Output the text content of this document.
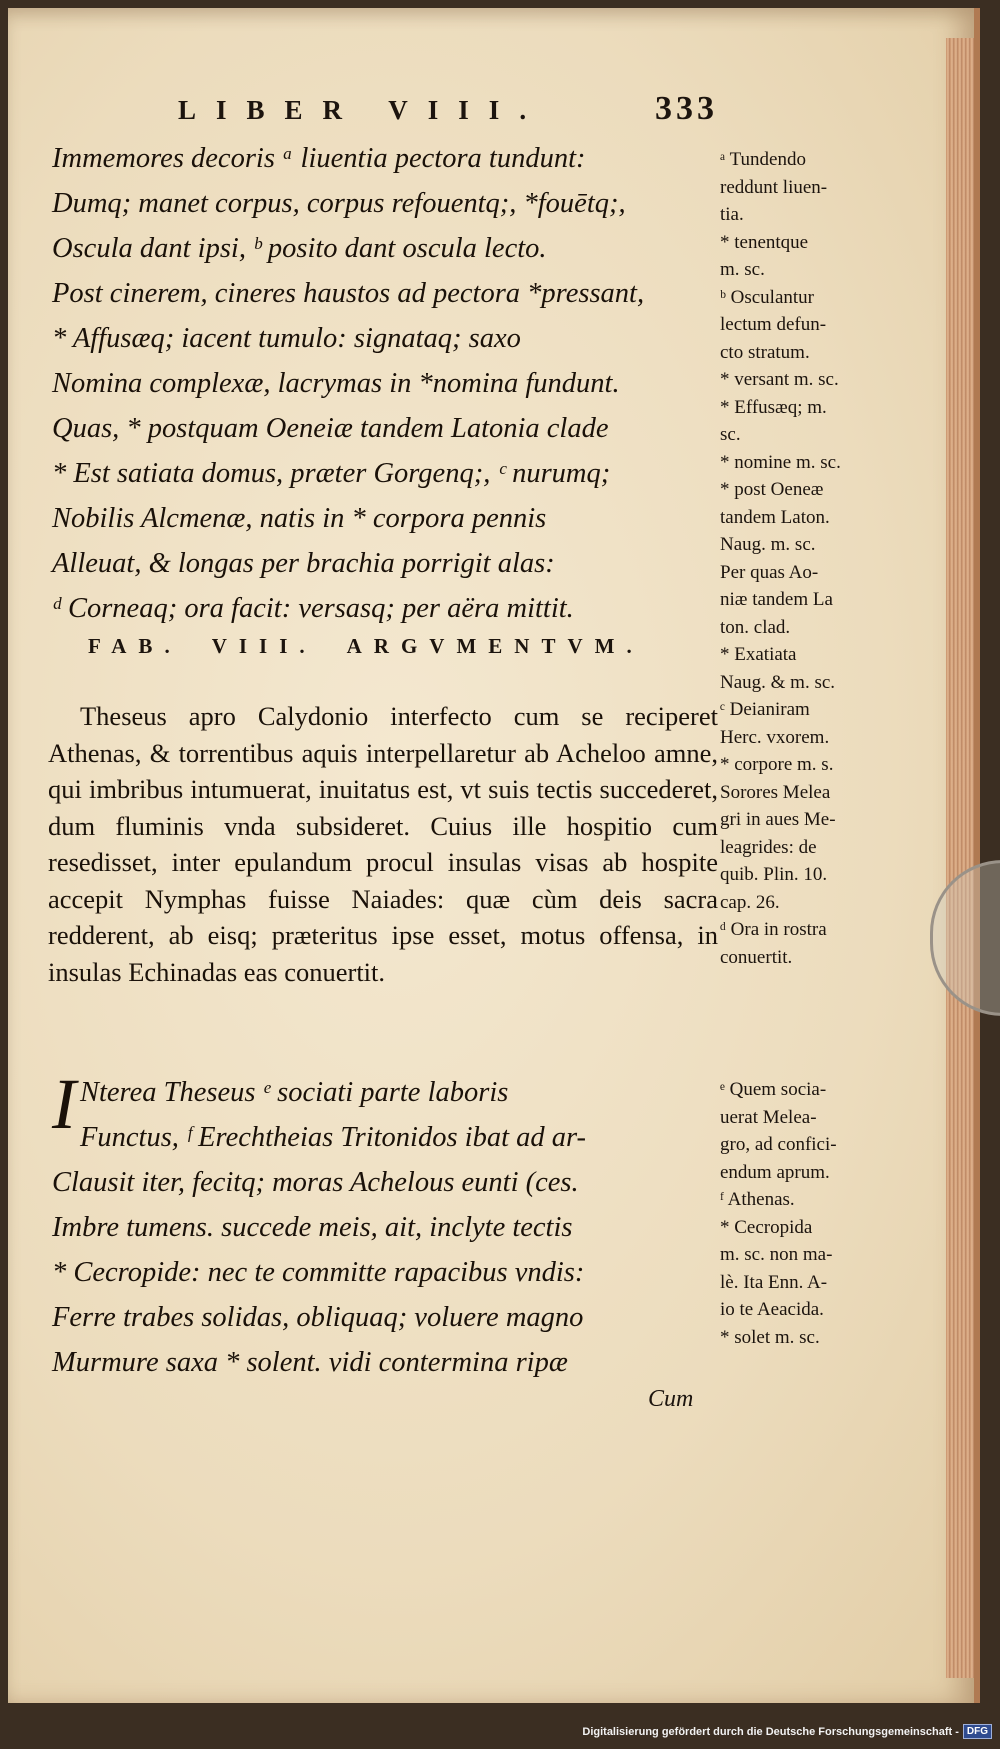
LIBER VIII.	333
Immemores decoris ᵃ liuentia pectora tundunt:
Dumq; manet corpus, corpus refouentq;, *fouētq;,
Oscula dant ipsi, ᵇ posito dant oscula lecto.
Post cinerem, cineres haustos ad pectora *pressant,
* Affusæq; iacent tumulo: signataq; saxo
Nomina complexæ, lacrymas in *nomina fundunt.
Quas, * postquam Oeneiæ tandem Latonia clade
* Est satiata domus, præter Gorgenq;, ᶜ nurumq;
Nobilis Alcmenæ, natis in * corpora pennis
Alleuat, & longas per brachia porrigit alas:
ᵈ Corneaq; ora facit: versasq; per aëra mittit.
FAB. VIII. ARGVMENTVM.
Theseus apro Calydonio interfecto cum se reciperet Athenas, & torrentibus aquis interpellaretur ab Acheloo amne, qui imbribus intumuerat, inuitatus est, vt suis tectis succederet, dum fluminis vnda subsideret. Cuius ille hospitio cum resedisset, inter epulandum procul insulas visas ab hospite accepit Nymphas fuisse Naiades: quæ cùm deis sacra redderent, ab eisq; præteritus ipse esset, motus offensa, in insulas Echinadas eas conuertit.
I Nterea Theseus ᵉ sociati parte laboris
Functus, ᶠ Erechtheias Tritonidos ibat ad ar-
Clausit iter, fecitq; moras Achelous eunti (ces.
Imbre tumens. succede meis, ait, inclyte tectis
* Cecropide: nec te committe rapacibus vndis:
Ferre trabes solidas, obliquaq; voluere magno
Murmure saxa * solent. vidi contermina ripæ
Cum
ᵃ Tundendo
reddunt liuen-
tia.
* tenentque
m. sc.
ᵇ Osculantur
lectum defun-
cto stratum.
* versant m. sc.
* Effusæq; m.
sc.
* nomine m. sc.
* post Oeneæ
tandem Laton.
Naug. m. sc.
Per quas Ao-
niæ tandem La
ton. clad.
* Exatiata
Naug. & m. sc.
ᶜ Deianiram
Herc. vxorem.
* corpore m. s.
Sorores Melea
gri in aues Me-
leagrides: de
quib. Plin. 10.
cap. 26.
ᵈ Ora in rostra
conuertit.
ᵉ Quem socia-
uerat Melea-
gro, ad confici-
endum aprum.
ᶠ Athenas.
* Cecropida
m. sc. non ma-
lè. Ita Enn. A-
io te Aeacida.
* solet m. sc.
Digitalisierung gefördert durch die Deutsche Forschungsgemeinschaft - DFG
